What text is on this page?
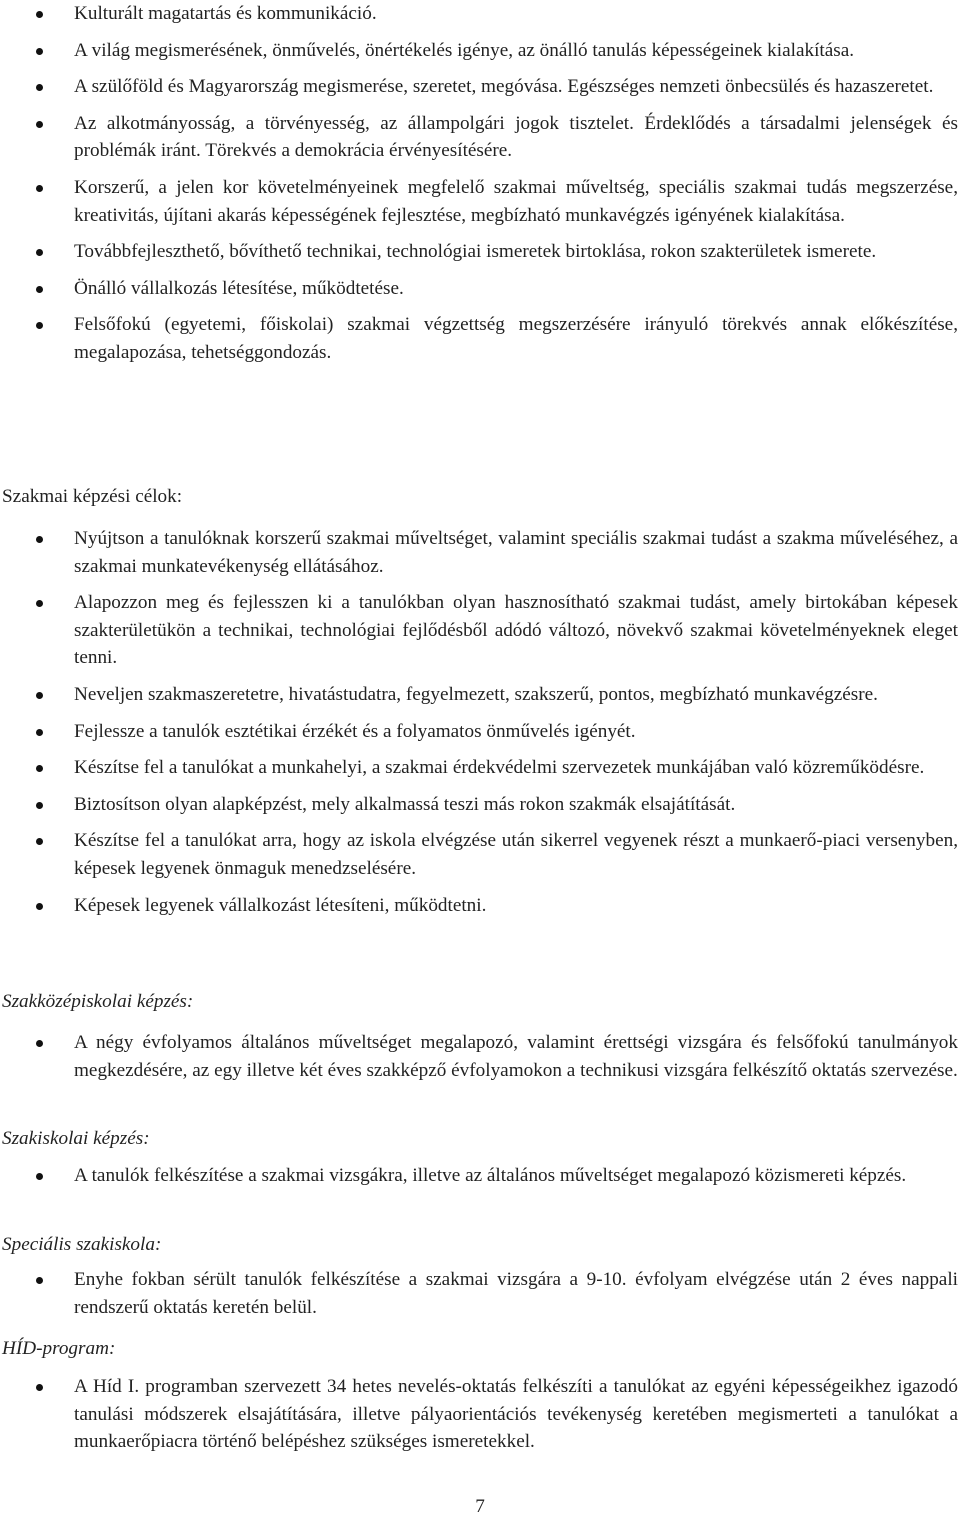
Kulturált magatartás és kommunikáció.
A világ megismerésének, önművelés, önértékelés igénye, az önálló tanulás képességeinek kialakítása.
A szülőföld és Magyarország megismerése, szeretet, megóvása. Egészséges nemzeti önbecsülés és hazaszeretet.
Az alkotmányosság, a törvényesség, az állampolgári jogok tisztelet. Érdeklődés a társadalmi jelenségek és problémák iránt. Törekvés a demokrácia érvényesítésére.
Korszerű, a jelen kor követelményeinek megfelelő szakmai műveltség, speciális szakmai tudás megszerzése, kreativitás, újítani akarás képességének fejlesztése, megbízható munkavégzés igényének kialakítása.
Továbbfejleszthető, bővíthető technikai, technológiai ismeretek birtoklása, rokon szakterületek ismerete.
Önálló vállalkozás létesítése, működtetése.
Felsőfokú (egyetemi, főiskolai) szakmai végzettség megszerzésére irányuló törekvés annak előkészítése, megalapozása, tehetséggondozás.
Szakmai képzési célok:
Nyújtson a tanulóknak korszerű szakmai műveltséget, valamint speciális szakmai tudást a szakma műveléséhez, a szakmai munkatevékenység ellátásához.
Alapozzon meg és fejlesszen ki a tanulókban olyan hasznosítható szakmai tudást, amely birtokában képesek szakterületükön a technikai, technológiai fejlődésből adódó változó, növekvő szakmai követelményeknek eleget tenni.
Neveljen szakmaszeretetre, hivatástudatra, fegyelmezett, szakszerű, pontos, megbízható munkavégzésre.
Fejlessze a tanulók esztétikai érzékét és a folyamatos önművelés igényét.
Készítse fel a tanulókat a munkahelyi, a szakmai érdekvédelmi szervezetek munkájában való közreműködésre.
Biztosítson olyan alapképzést, mely alkalmassá teszi más rokon szakmák elsajátítását.
Készítse fel a tanulókat arra, hogy az iskola elvégzése után sikerrel vegyenek részt a munkaerő-piaci versenyben, képesek legyenek önmaguk menedzselésére.
Képesek legyenek vállalkozást létesíteni, működtetni.
Szakközépiskolai képzés:
A négy évfolyamos általános műveltséget megalapozó, valamint érettségi vizsgára és felsőfokú tanulmányok megkezdésére, az egy illetve két éves szakképző évfolyamokon a technikusi vizsgára felkészítő oktatás szervezése.
Szakiskolai képzés:
A tanulók felkészítése a szakmai vizsgákra, illetve az általános műveltséget megalapozó közismereti képzés.
Speciális szakiskola:
Enyhe fokban sérült tanulók felkészítése a szakmai vizsgára a 9-10. évfolyam elvégzése után 2 éves nappali rendszerű oktatás keretén belül.
HÍD-program:
A Híd I. programban szervezett 34 hetes nevelés-oktatás felkészíti a tanulókat az egyéni képességeikhez igazodó tanulási módszerek elsajátítására, illetve pályaorientációs tevékenység keretében megismerteti a tanulókat a munkaerőpiacra történő belépéshez szükséges ismeretekkel.
7
